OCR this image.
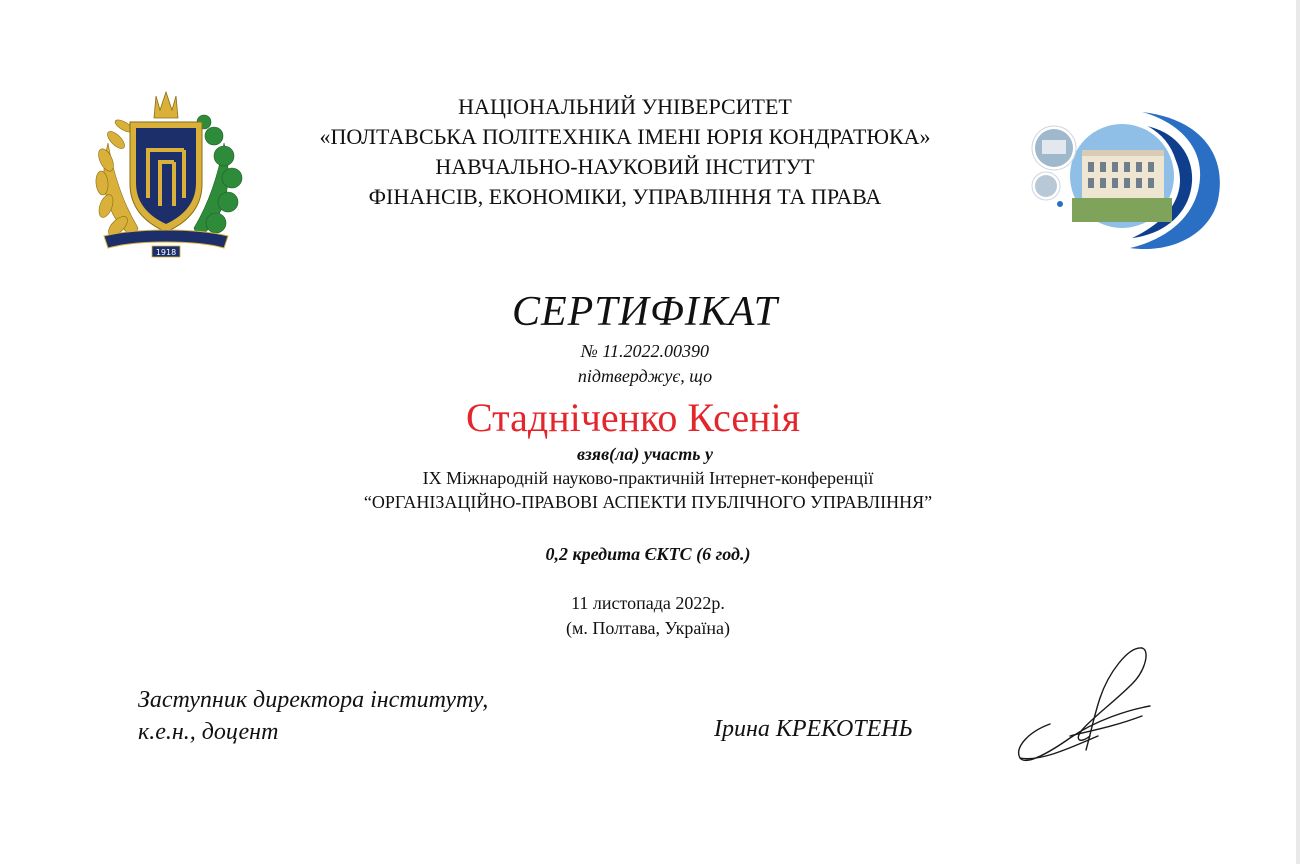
1918
НАЦІОНАЛЬНИЙ УНІВЕРСИТЕТ
«ПОЛТАВСЬКА ПОЛІТЕХНІКА ІМЕНІ ЮРІЯ КОНДРАТЮКА»
НАВЧАЛЬНО-НАУКОВИЙ ІНСТИТУТ
ФІНАНСІВ, ЕКОНОМІКИ, УПРАВЛІННЯ ТА ПРАВА
СЕРТИФІКАТ
№ 11.2022.00390
підтверджує, що
Стадніченко Ксенія
взяв(ла) участь у
ІХ Міжнародній науково-практичній Інтернет-конференції
“ОРГАНІЗАЦІЙНО-ПРАВОВІ АСПЕКТИ ПУБЛІЧНОГО УПРАВЛІННЯ”
0,2 кредита ЄКТС (6 год.)
11 листопада 2022р.
(м. Полтава, Україна)
Заступник директора інституту,
к.е.н., доцент	Ірина КРЕКОТЕНЬ
